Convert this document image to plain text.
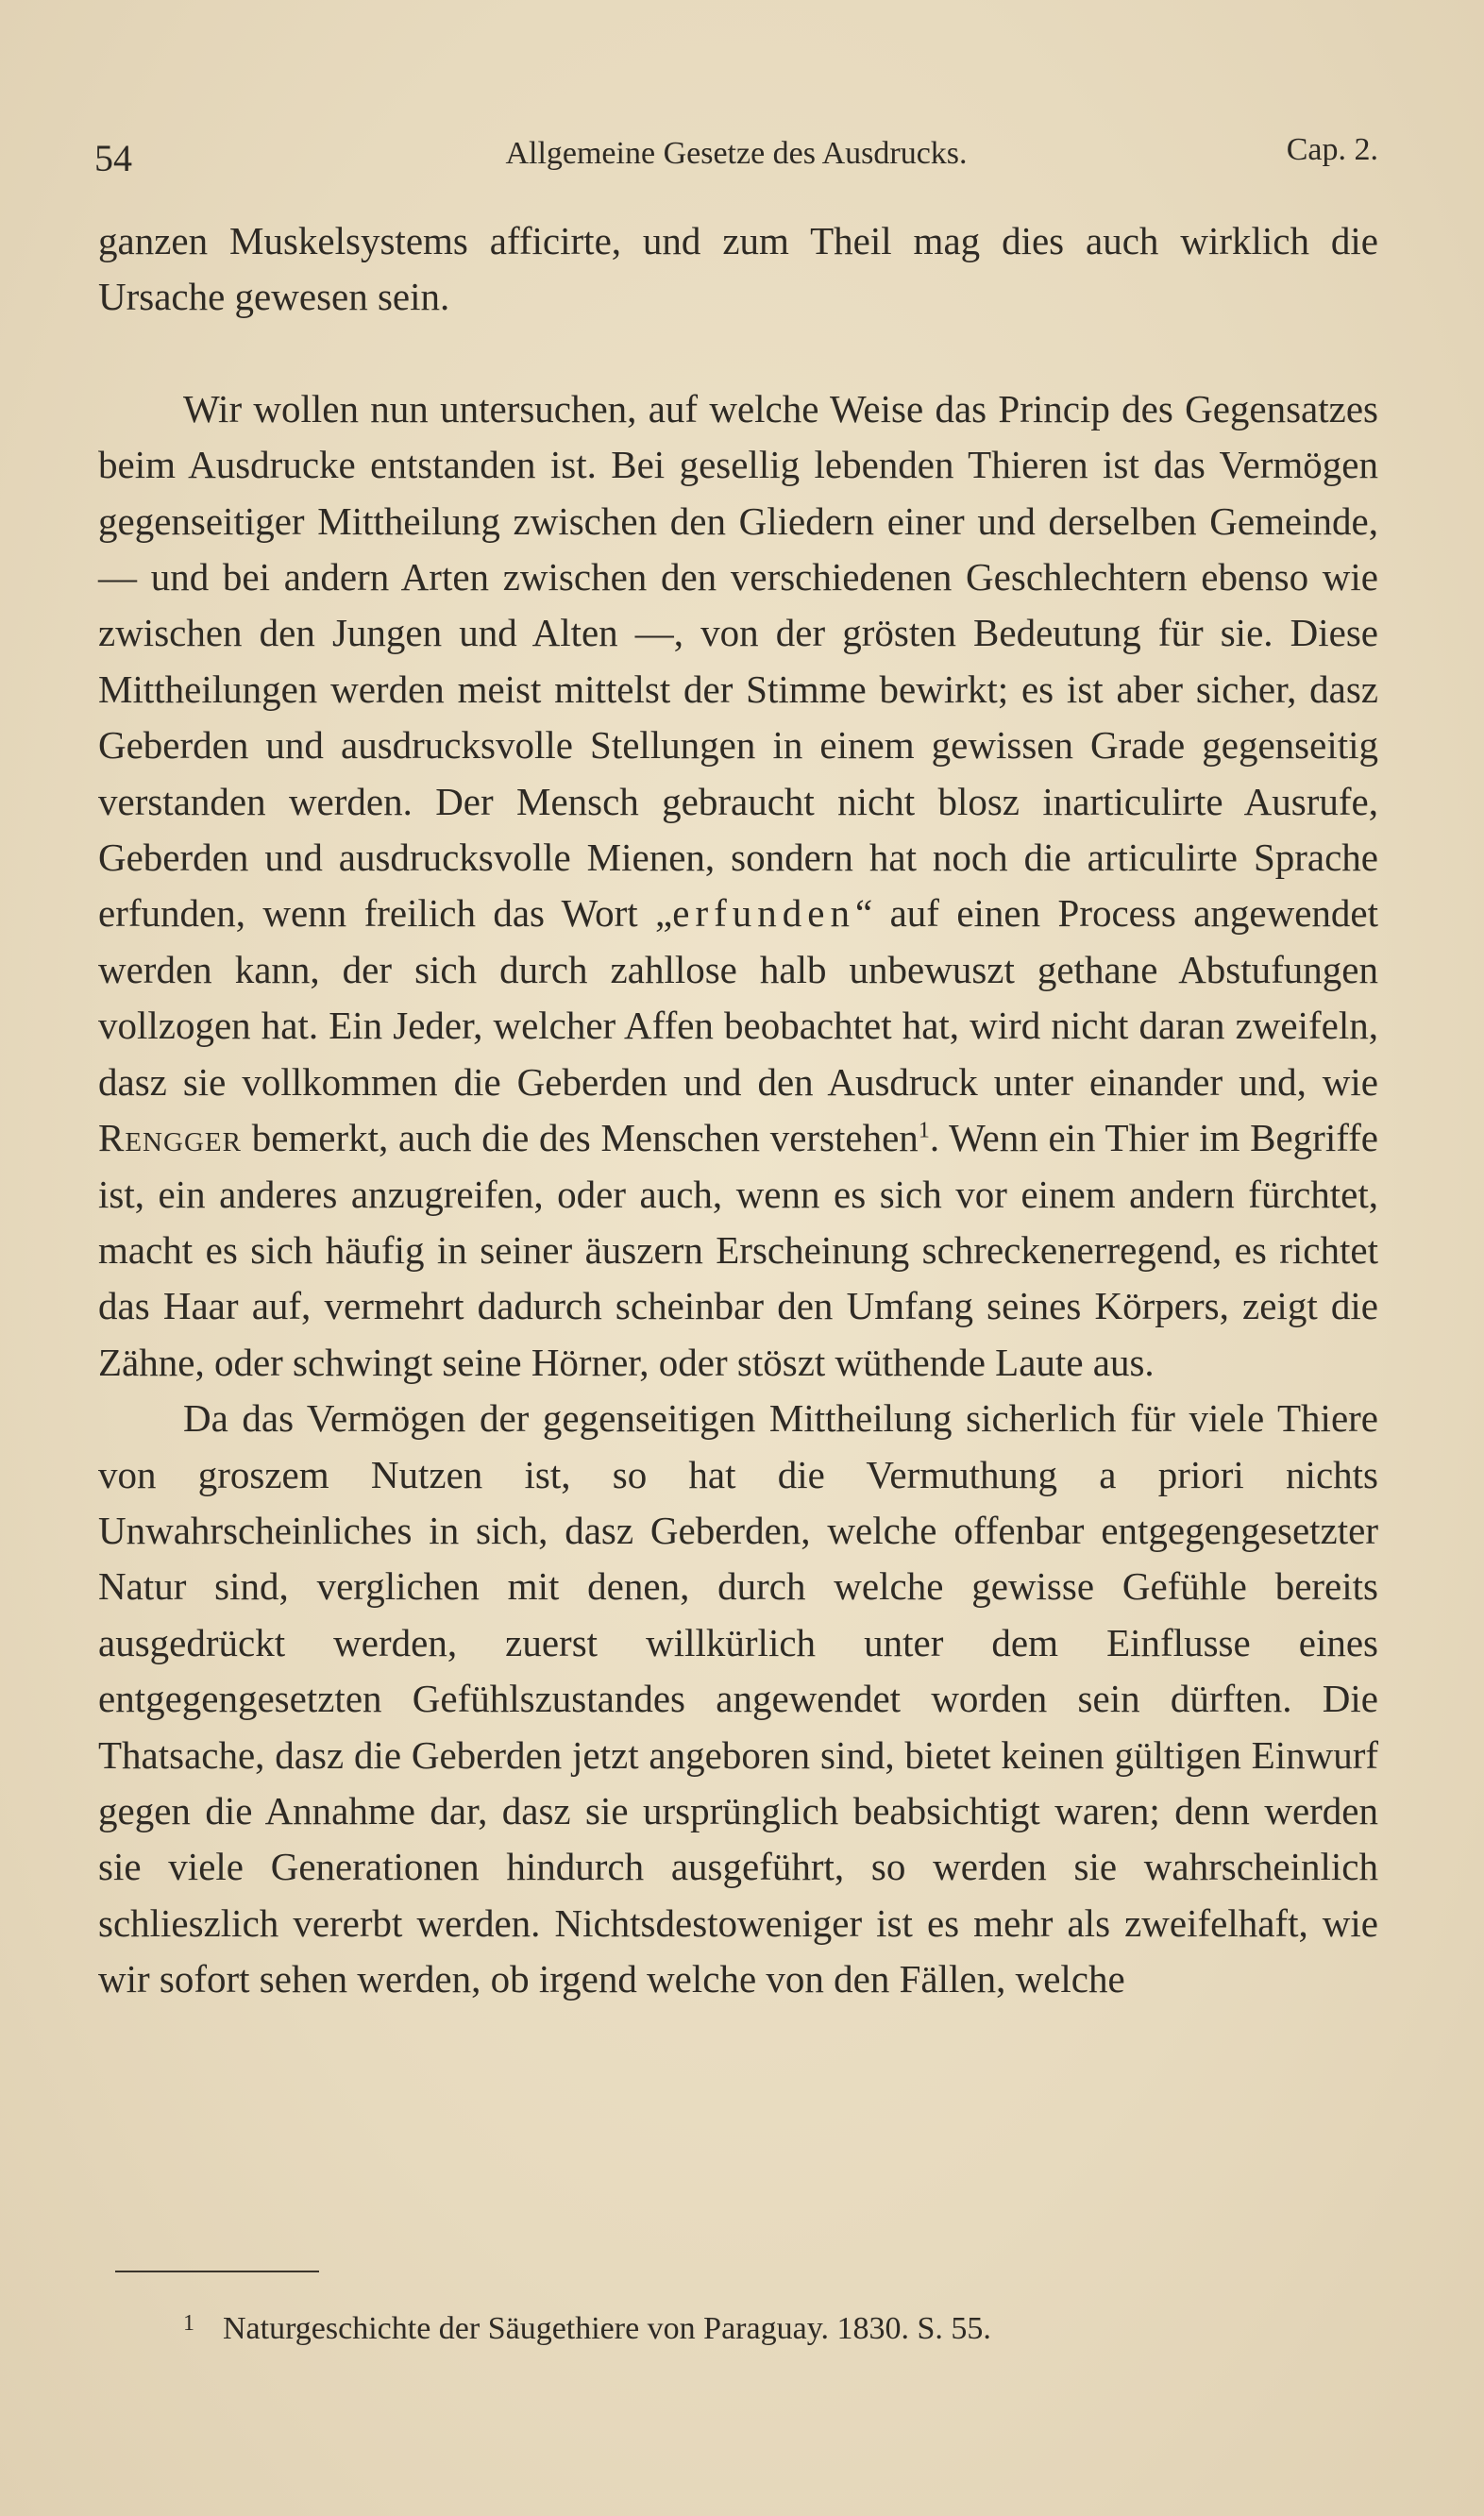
54	Allgemeine Gesetze des Ausdrucks.	Cap. 2.

ganzen Muskelsystems afficirte, und zum Theil mag dies auch wirklich die Ursache gewesen sein.

Wir wollen nun untersuchen, auf welche Weise das Princip des Gegensatzes beim Ausdrucke entstanden ist. Bei gesellig lebenden Thieren ist das Vermögen gegenseitiger Mittheilung zwischen den Gliedern einer und derselben Gemeinde, — und bei andern Arten zwischen den verschiedenen Geschlechtern ebenso wie zwischen den Jungen und Alten —, von der grösten Bedeutung für sie. Diese Mittheilungen werden meist mittelst der Stimme bewirkt; es ist aber sicher, dasz Geberden und ausdrucksvolle Stellungen in einem gewissen Grade gegenseitig verstanden werden. Der Mensch gebraucht nicht blosz inarticulirte Ausrufe, Geberden und ausdrucksvolle Mienen, sondern hat noch die articulirte Sprache erfunden, wenn freilich das Wort „erfunden“ auf einen Process angewendet werden kann, der sich durch zahllose halb unbewuszt gethane Abstufungen vollzogen hat. Ein Jeder, welcher Affen beobachtet hat, wird nicht daran zweifeln, dasz sie vollkommen die Geberden und den Ausdruck unter einander und, wie Rengger bemerkt, auch die des Menschen verstehen$^1$. Wenn ein Thier im Begriffe ist, ein anderes anzugreifen, oder auch, wenn es sich vor einem andern fürchtet, macht es sich häufig in seiner äuszern Erscheinung schreckenerregend, es richtet das Haar auf, vermehrt dadurch scheinbar den Umfang seines Körpers, zeigt die Zähne, oder schwingt seine Hörner, oder stöszt wüthende Laute aus.

Da das Vermögen der gegenseitigen Mittheilung sicherlich für viele Thiere von groszem Nutzen ist, so hat die Vermuthung a priori nichts Unwahrscheinliches in sich, dasz Geberden, welche offenbar entgegengesetzter Natur sind, verglichen mit denen, durch welche gewisse Gefühle bereits ausgedrückt werden, zuerst willkürlich unter dem Einflusse eines entgegengesetzten Gefühlszustandes angewendet worden sein dürften. Die Thatsache, dasz die Geberden jetzt angeboren sind, bietet keinen gültigen Einwurf gegen die Annahme dar, dasz sie ursprünglich beabsichtigt waren; denn werden sie viele Generationen hindurch ausgeführt, so werden sie wahrscheinlich schlieszlich vererbt werden. Nichtsdestoweniger ist es mehr als zweifelhaft, wie wir sofort sehen werden, ob irgend welche von den Fällen, welche

1 Naturgeschichte der Säugethiere von Paraguay. 1830. S. 55.
